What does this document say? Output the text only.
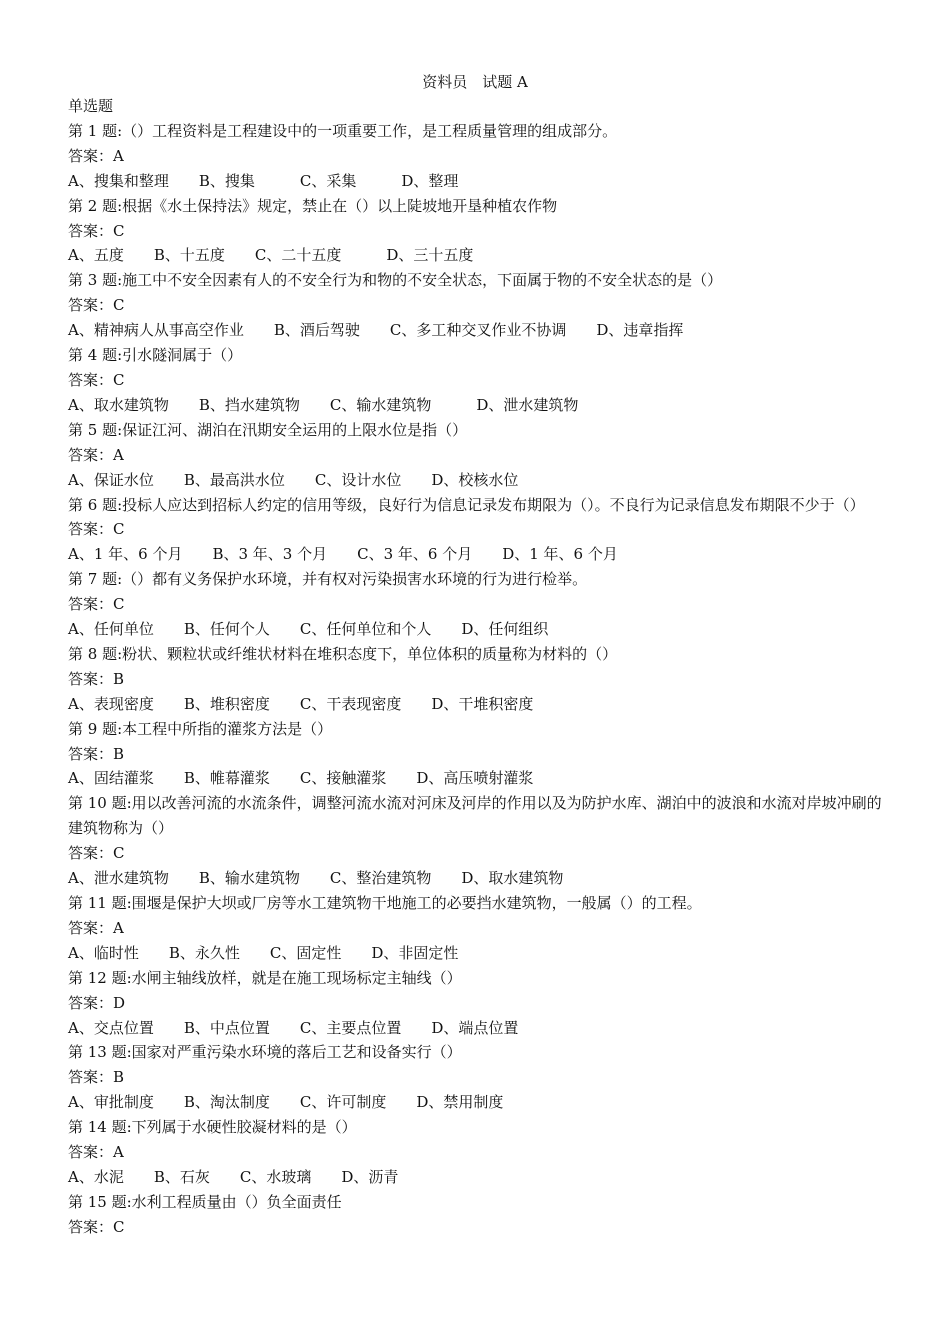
资料员　试题 A
单选题
第 1 题:（）工程资料是工程建设中的一项重要工作，是工程质量管理的组成部分。
答案：A
A、搜集和整理　　B、搜集　　　C、采集　　　D、整理
第 2 题:根据《水土保持法》规定，禁止在（）以上陡坡地开垦种植农作物
答案：C
A、五度　　B、十五度　　C、二十五度　　　D、三十五度
第 3 题:施工中不安全因素有人的不安全行为和物的不安全状态，下面属于物的不安全状态的是（）
答案：C
A、精神病人从事高空作业　　B、酒后驾驶　　C、多工种交叉作业不协调　　D、违章指挥
第 4 题:引水隧洞属于（）
答案：C
A、取水建筑物　　B、挡水建筑物　　C、输水建筑物　　　D、泄水建筑物
第 5 题:保证江河、湖泊在汛期安全运用的上限水位是指（）
答案：A
A、保证水位　　B、最高洪水位　　C、设计水位　　D、校核水位
第 6 题:投标人应达到招标人约定的信用等级，良好行为信息记录发布期限为（）。不良行为记录信息发布期限不少于（）
答案：C
A、1 年、6 个月　　B、3 年、3 个月　　C、3 年、6 个月　　D、1 年、6 个月
第 7 题:（）都有义务保护水环境，并有权对污染损害水环境的行为进行检举。
答案：C
A、任何单位　　B、任何个人　　C、任何单位和个人　　D、任何组织
第 8 题:粉状、颗粒状或纤维状材料在堆积态度下，单位体积的质量称为材料的（）
答案：B
A、表现密度　　B、堆积密度　　C、干表现密度　　D、干堆积密度
第 9 题:本工程中所指的灌浆方法是（）
答案：B
A、固结灌浆　　B、帷幕灌浆　　C、接触灌浆　　D、高压喷射灌浆
第 10 题:用以改善河流的水流条件，调整河流水流对河床及河岸的作用以及为防护水库、湖泊中的波浪和水流对岸坡冲刷的建筑物称为（）
答案：C
A、泄水建筑物　　B、输水建筑物　　C、整治建筑物　　D、取水建筑物
第 11 题:围堰是保护大坝或厂房等水工建筑物干地施工的必要挡水建筑物，一般属（）的工程。
答案：A
A、临时性　　B、永久性　　C、固定性　　D、非固定性
第 12 题:水闸主轴线放样，就是在施工现场标定主轴线（）
答案：D
A、交点位置　　B、中点位置　　C、主要点位置　　D、端点位置
第 13 题:国家对严重污染水环境的落后工艺和设备实行（）
答案：B
A、审批制度　　B、淘汰制度　　C、许可制度　　D、禁用制度
第 14 题:下列属于水硬性胶凝材料的是（）
答案：A
A、水泥　　B、石灰　　C、水玻璃　　D、沥青
第 15 题:水利工程质量由（）负全面责任
答案：C
